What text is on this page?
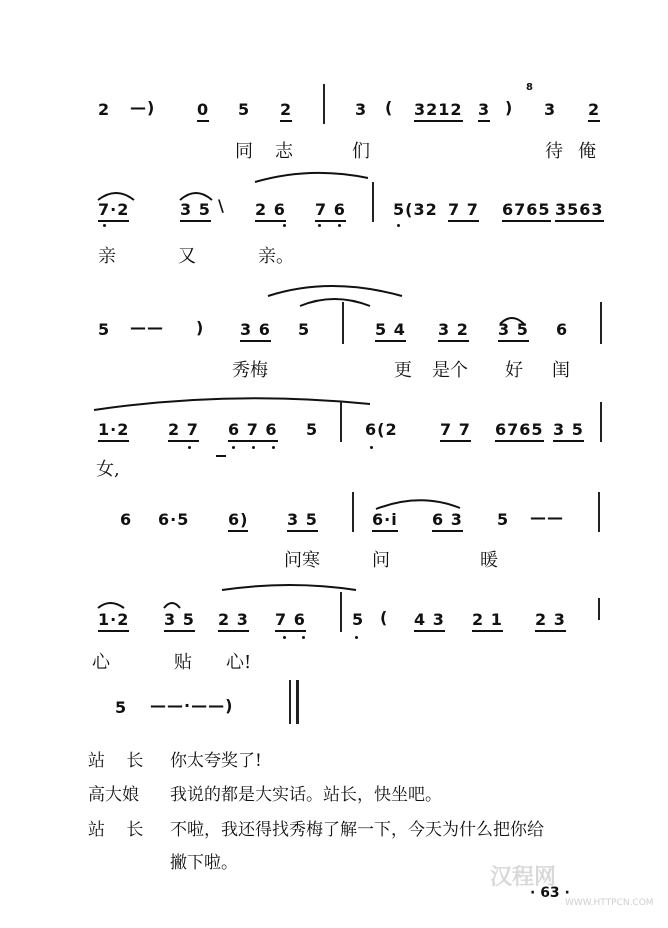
2 —)	0 5 2	3 ( 3212 3 )
8
3 2
同 志	们	待 俺
7·2	3 5 \ 2 6 7 6	5(32 7 7 6765 3563
亲	又	亲。
5 —— ) 3 6 5	5 4 3 2 3 5 6
秀梅	更 是个 好 闺
1·2 2 7 6 7 6 5	6(2	7 7 6765 3 5
女,
6 6·5 6) 3 5	6·i 6 3 5 ——
问寒	问	暖
1·2 3 5 2 3 7 6	5 ( 4 3 2 1 2 3
心	贴 心!
5 ——·——)
站 长 你太夸奖了!
高大娘 我说的都是大实话。站长，快坐吧。
站 长 不啦，我还得找秀梅了解一下，今天为什么把你给
撇下啦。
汉程网
WWW.HTTPCN.COM
· 63 ·
